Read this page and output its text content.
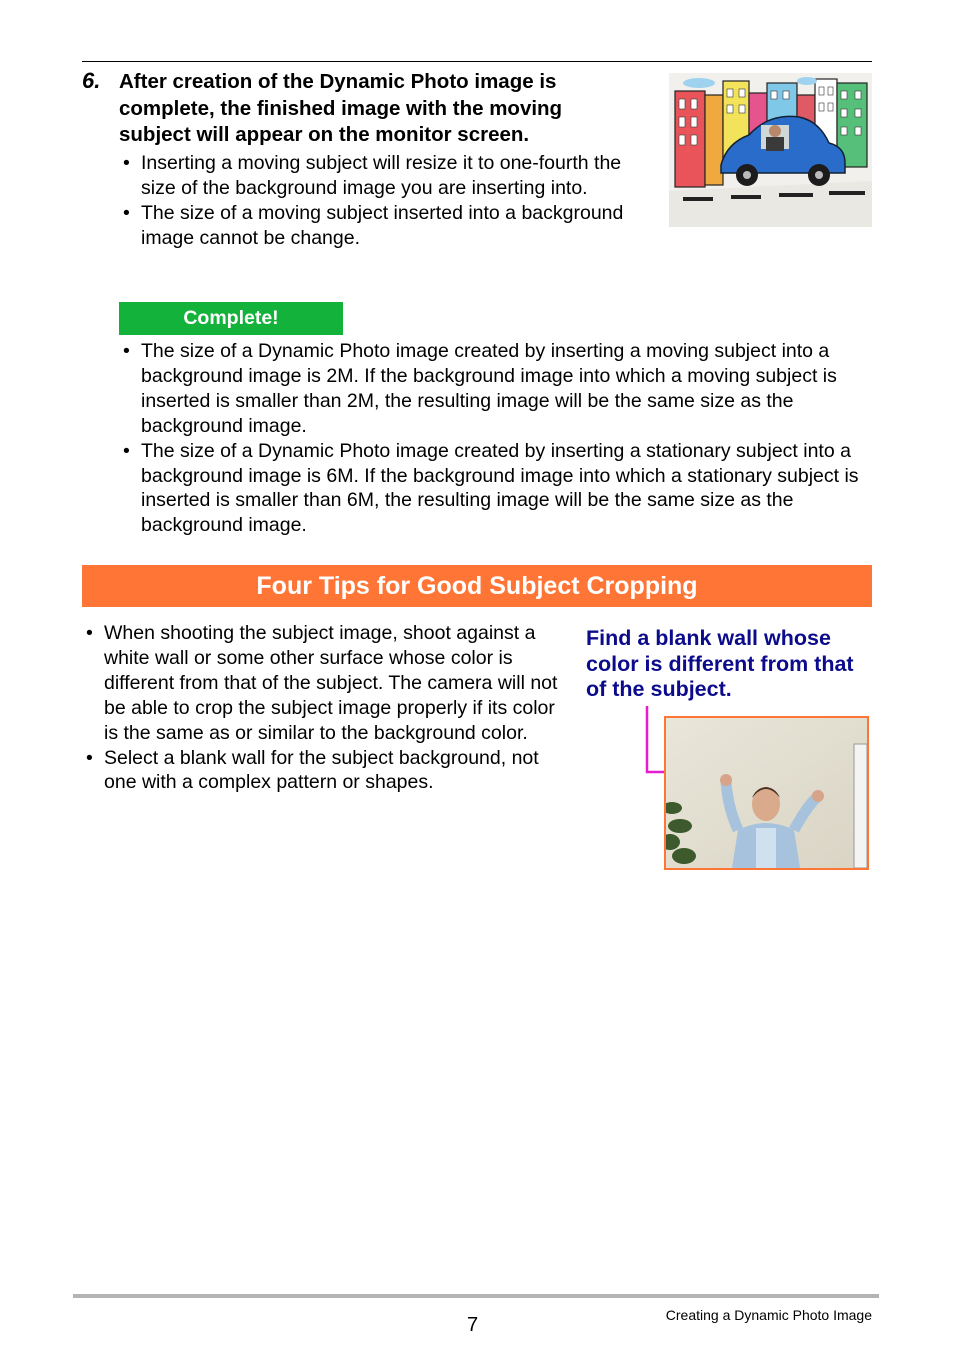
6. After creation of the Dynamic Photo image is complete, the finished image with the moving subject will appear on the monitor screen.
• Inserting a moving subject will resize it to one-fourth the size of the background image you are inserting into.
• The size of a moving subject inserted into a background image cannot be change.
Complete!
• The size of a Dynamic Photo image created by inserting a moving subject into a background image is 2M. If the background image into which a moving subject is inserted is smaller than 2M, the resulting image will be the same size as the background image.
• The size of a Dynamic Photo image created by inserting a stationary subject into a background image is 6M. If the background image into which a stationary subject is inserted is smaller than 6M, the resulting image will be the same size as the background image.
Four Tips for Good Subject Cropping
• When shooting the subject image, shoot against a white wall or some other surface whose color is different from that of the subject. The camera will not be able to crop the subject image properly if its color is the same as or similar to the background color.
• Select a blank wall for the subject background, not one with a complex pattern or shapes.
Find a blank wall whose color is different from that of the subject.
7	Creating a Dynamic Photo Image
